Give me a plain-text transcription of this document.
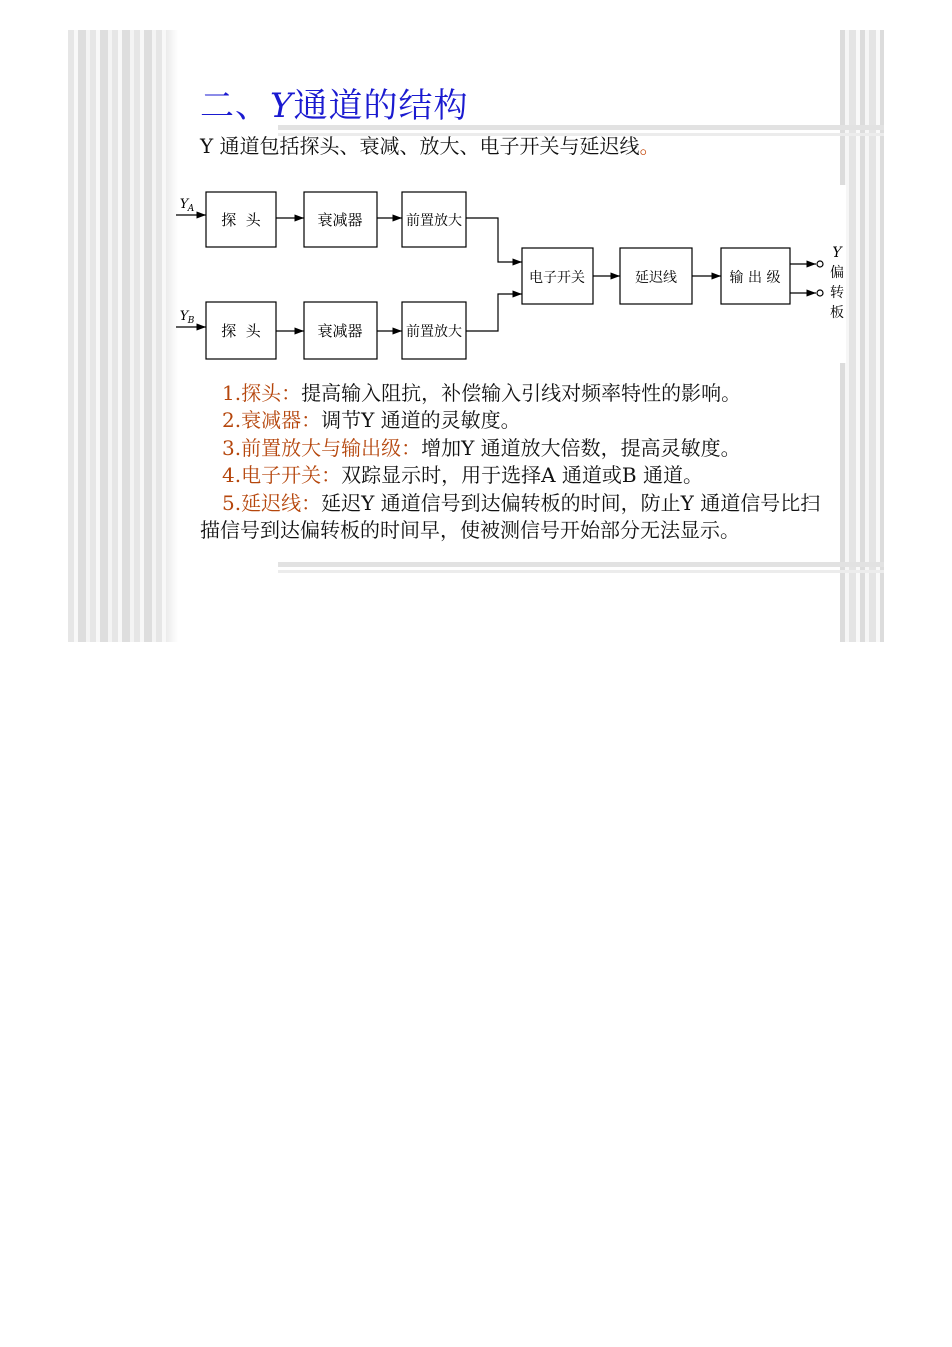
二、Y通道的结构
Y 通道包括探头、衰减、放大、电子开关与延迟线。
Y A
Y B
探  头	衰减器	前置放大
探  头	衰减器	前置放大
电子开关	延迟线	输 出 级
Y
偏
转
板

1.探头：提高输入阻抗，补偿输入引线对频率特性的影响。

2.衰减器：调节Y 通道的灵敏度。

3.前置放大与输出级：增加Y 通道放大倍数，提高灵敏度。

4.电子开关：双踪显示时，用于选择A 通道或B 通道。

5.延迟线：延迟Y 通道信号到达偏转板的时间，防止Y 通道信号比扫描信号到达偏转板的时间早，使被测信号开始部分无法显示。
